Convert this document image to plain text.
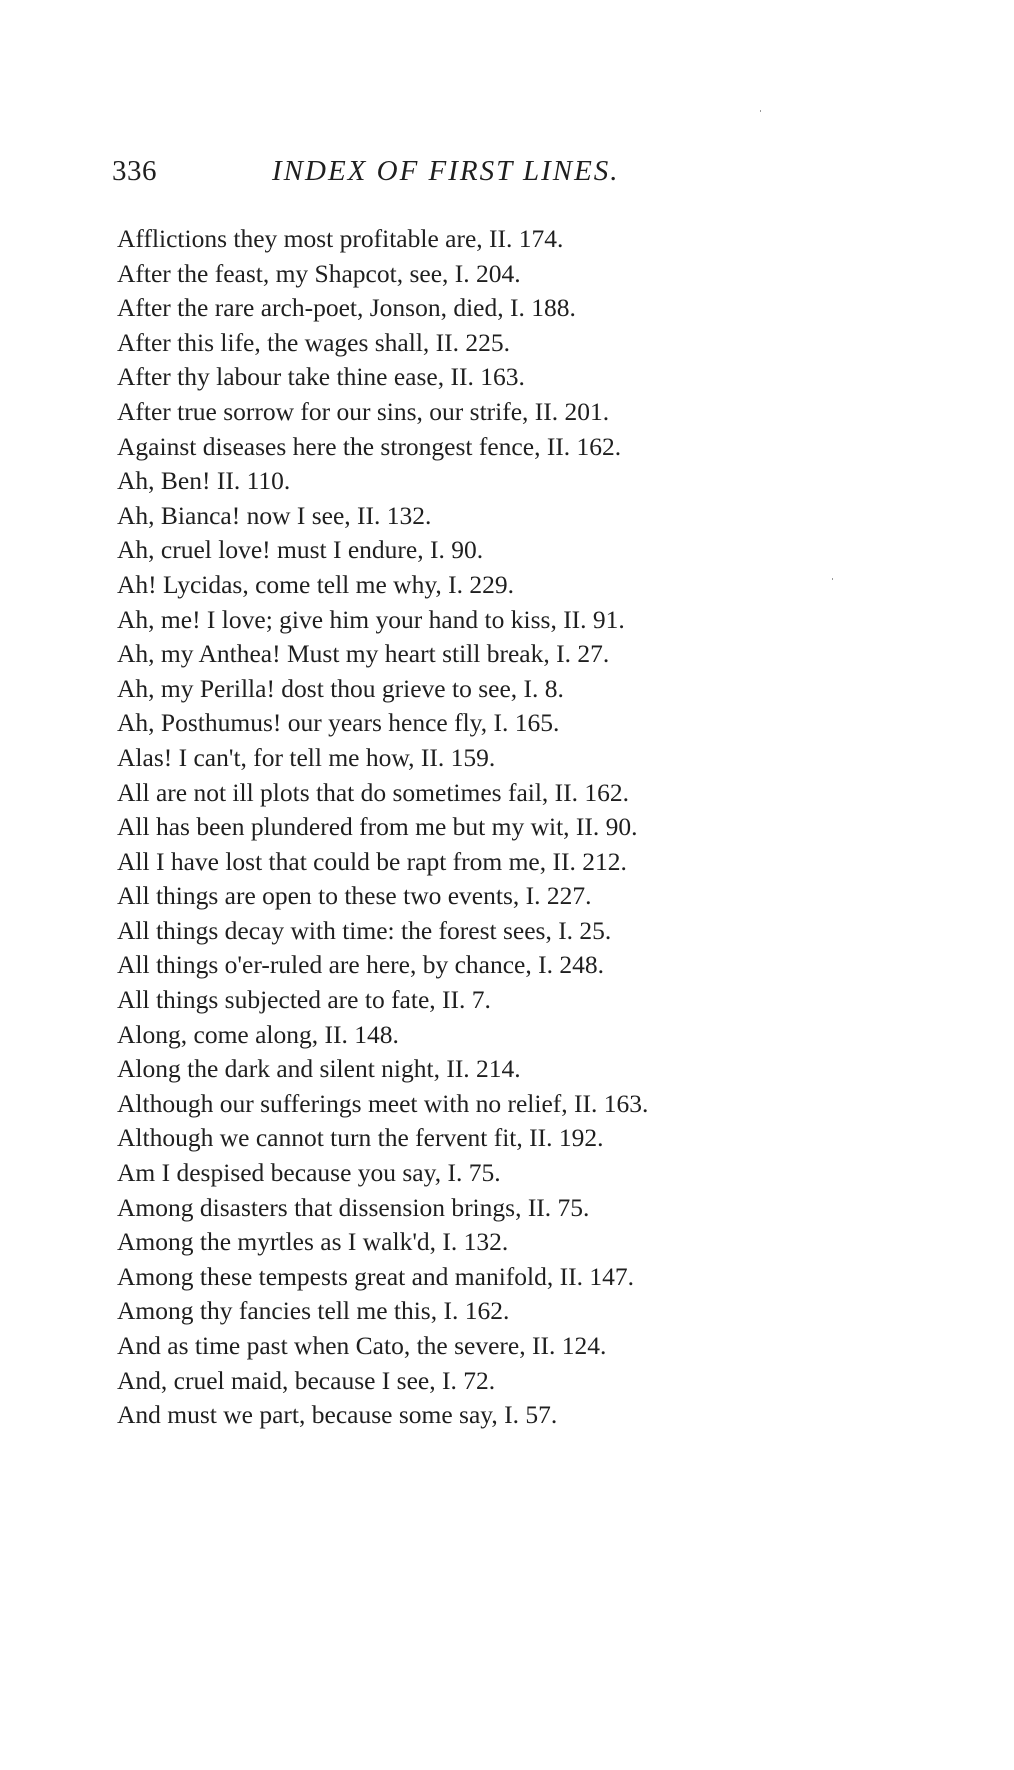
336	INDEX OF FIRST LINES.
Afflictions they most profitable are, II. 174.
After the feast, my Shapcot, see, I. 204.
After the rare arch-poet, Jonson, died, I. 188.
After this life, the wages shall, II. 225.
After thy labour take thine ease, II. 163.
After true sorrow for our sins, our strife, II. 201.
Against diseases here the strongest fence, II. 162.
Ah, Ben! II. 110.
Ah, Bianca! now I see, II. 132.
Ah, cruel love! must I endure, I. 90.
Ah! Lycidas, come tell me why, I. 229.
Ah, me! I love; give him your hand to kiss, II. 91.
Ah, my Anthea! Must my heart still break, I. 27.
Ah, my Perilla! dost thou grieve to see, I. 8.
Ah, Posthumus! our years hence fly, I. 165.
Alas! I can't, for tell me how, II. 159.
All are not ill plots that do sometimes fail, II. 162.
All has been plundered from me but my wit, II. 90.
All I have lost that could be rapt from me, II. 212.
All things are open to these two events, I. 227.
All things decay with time: the forest sees, I. 25.
All things o'er-ruled are here, by chance, I. 248.
All things subjected are to fate, II. 7.
Along, come along, II. 148.
Along the dark and silent night, II. 214.
Although our sufferings meet with no relief, II. 163.
Although we cannot turn the fervent fit, II. 192.
Am I despised because you say, I. 75.
Among disasters that dissension brings, II. 75.
Among the myrtles as I walk'd, I. 132.
Among these tempests great and manifold, II. 147.
Among thy fancies tell me this, I. 162.
And as time past when Cato, the severe, II. 124.
And, cruel maid, because I see, I. 72.
And must we part, because some say, I. 57.
